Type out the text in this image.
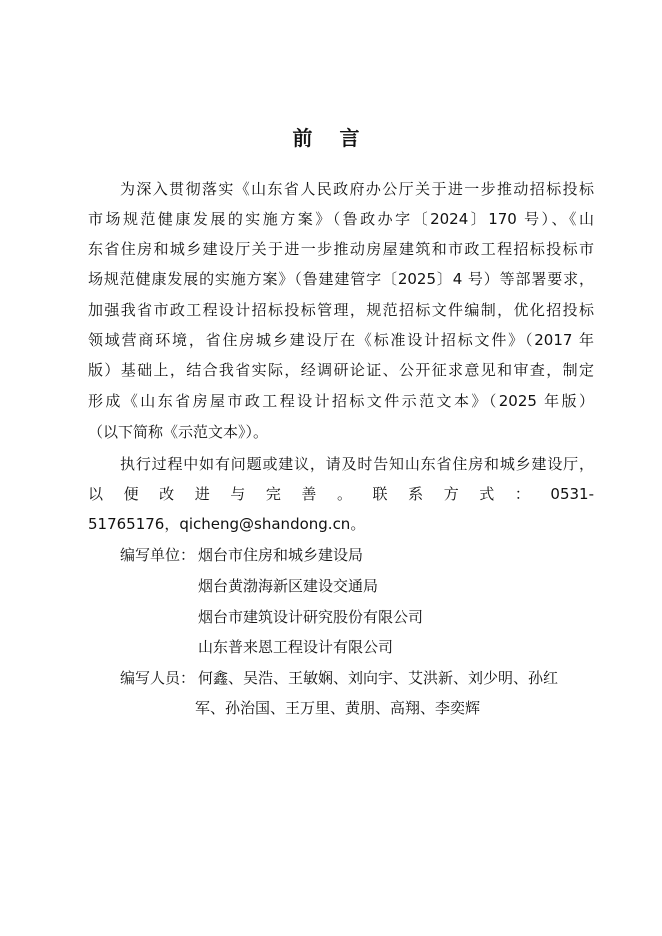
前 言
为深入贯彻落实《山东省人民政府办公厅关于进一步推动招标投标
市场规范健康发展的实施方案》（鲁政办字〔2024〕170 号）、《山
东省住房和城乡建设厅关于进一步推动房屋建筑和市政工程招标投标市
场规范健康发展的实施方案》（鲁建建管字〔2025〕4 号）等部署要求，
加强我省市政工程设计招标投标管理，规范招标文件编制，优化招投标
领域营商环境，省住房城乡建设厅在《标准设计招标文件》（2017 年
版）基础上，结合我省实际，经调研论证、公开征求意见和审查，制定
形成《山东省房屋市政工程设计招标文件示范文本》（2025 年版）
（以下简称《示范文本》）。
执行过程中如有问题或建议，请及时告知山东省住房和城乡建设厅，
以 便 改 进 与 完 善 。 联 系 方 式 ： 0531-
51765176，qicheng@shandong.cn。
编写单位： 烟台市住房和城乡建设局
烟台黄渤海新区建设交通局
烟台市建筑设计研究股份有限公司
山东普来恩工程设计有限公司
编写人员： 何鑫、吴浩、王敏娴、刘向宇、艾洪新、刘少明、孙红
军、孙治国、王万里、黄朋、高翔、李奕辉
